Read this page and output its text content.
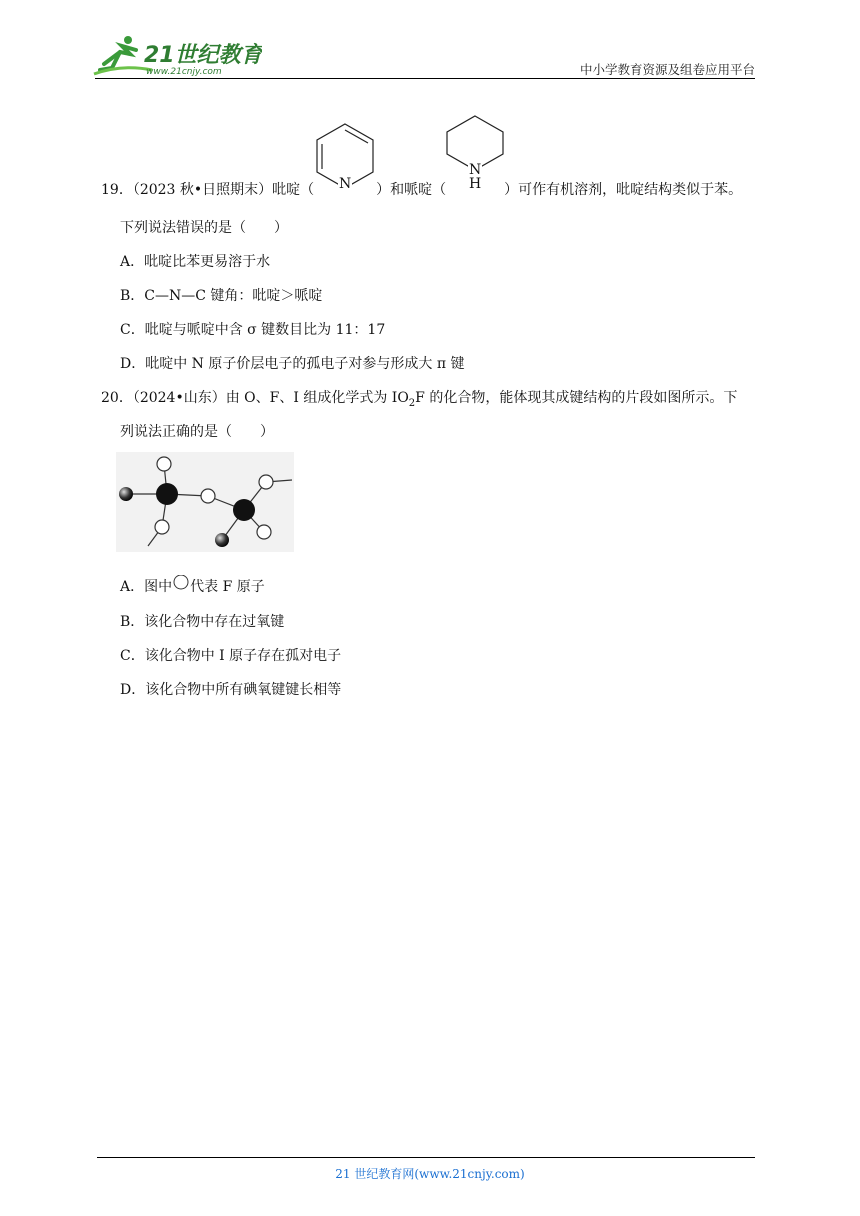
21世纪教育
www.21cnjy.com	中小学教育资源及组卷应用平台
N
N
H
19．（2023 秋•日照期末）吡啶（	）和哌啶（	）可作有机溶剂，吡啶结构类似于苯。
下列说法错误的是（　　）
A．吡啶比苯更易溶于水
B．C—N—C 键角：吡啶＞哌啶
C．吡啶与哌啶中含 σ 键数目比为 11：17
D．吡啶中 N 原子价层电子的孤电子对参与形成大 π 键
20．（2024•山东）由 O、F、I 组成化学式为 $IO_2F$ 的化合物，能体现其成键结构的片段如图所示。下
列说法正确的是（　　）
A．图中 代表 F 原子
B．该化合物中存在过氧键
C．该化合物中 I 原子存在孤对电子
D．该化合物中所有碘氧键键长相等
21 世纪教育网(www.21cnjy.com)
